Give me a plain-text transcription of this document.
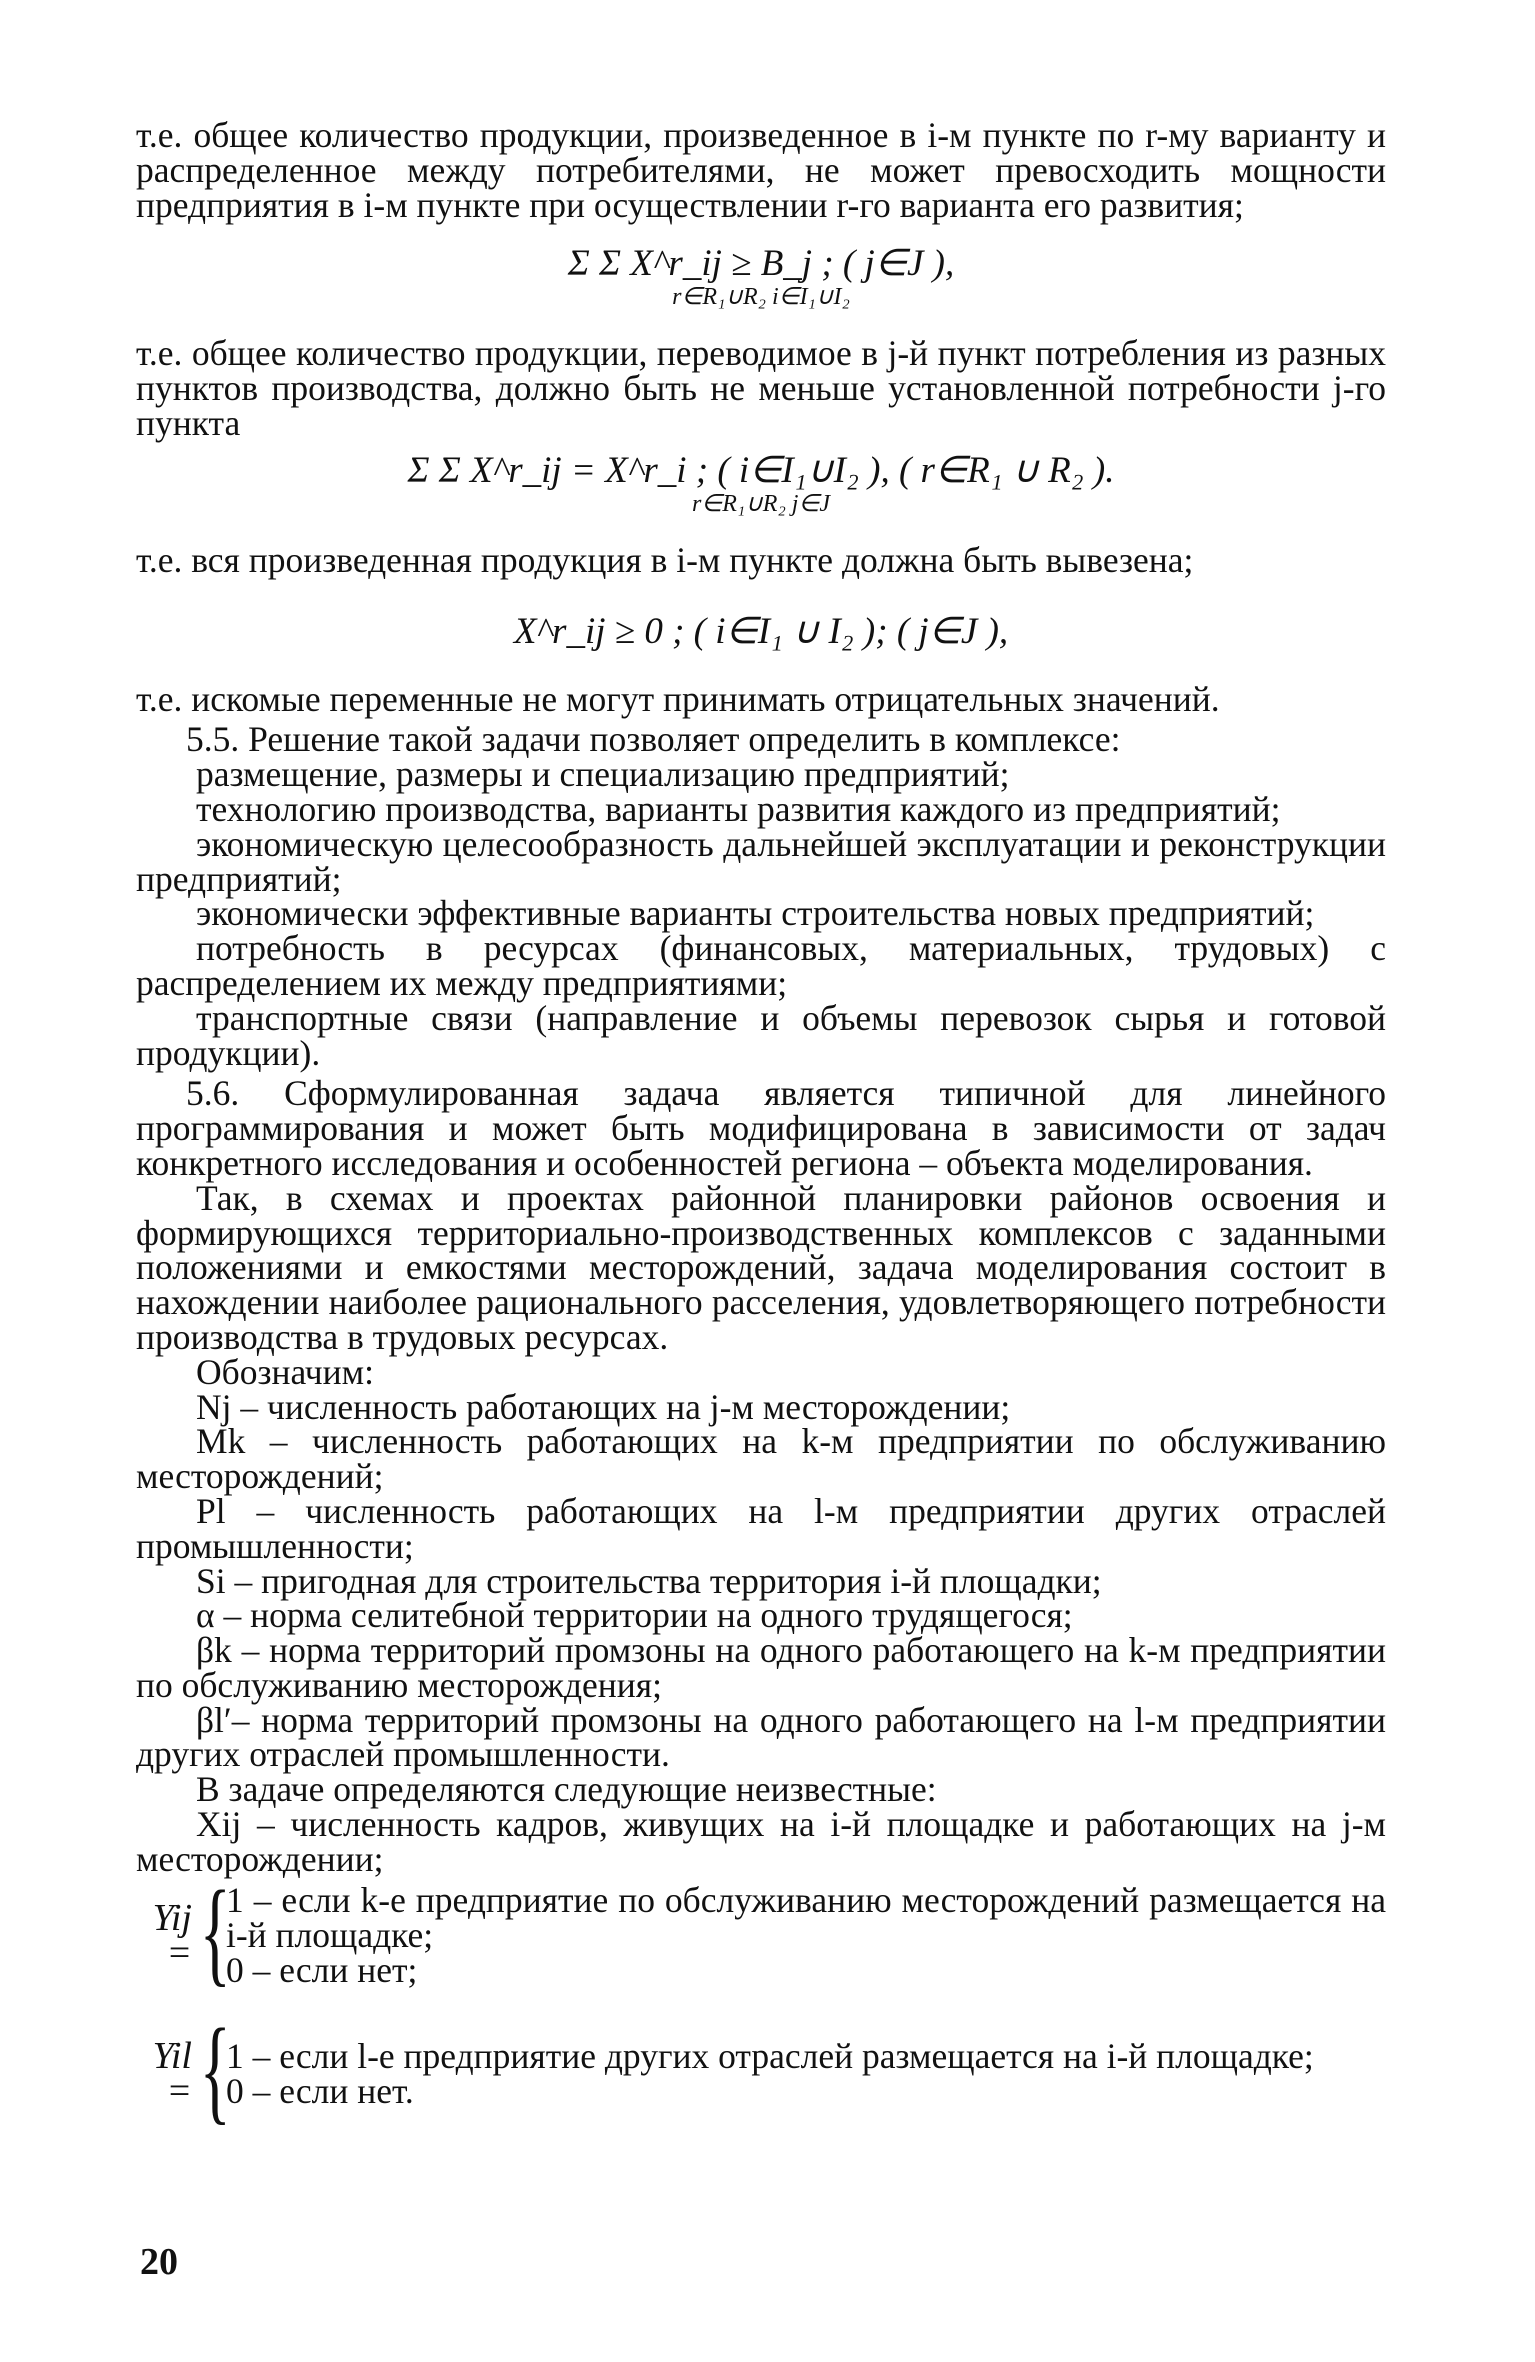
т.е. общее количество продукции, произведенное в i-м пункте по r-му варианту и распределенное между потребителями, не может превосходить мощности предприятия в i-м пункте при осуществлении r-го варианта его развития;

Σ Σ X^r_ij ≥ B_j ; ( j∈J ),
r∈R₁∪R₂ i∈I₁∪I₂

т.е. общее количество продукции, переводимое в j-й пункт потребления из разных пунктов производства, должно быть не меньше установленной потребности j-го пункта

Σ Σ X^r_ij = X^r_i ; ( i∈I₁∪I₂ ), ( r∈R₁ ∪ R₂ ).
r∈R₁∪R₂ j∈J

т.е. вся произведенная продукция в i-м пункте должна быть вывезена;

X^r_ij ≥ 0 ; ( i∈I₁ ∪ I₂ ); ( j∈J ),

т.е. искомые переменные не могут принимать отрицательных значений.

5.5. Решение такой задачи позволяет определить в комплексе:

размещение, размеры и специализацию предприятий;

технологию производства, варианты развития каждого из предприятий;

экономическую целесообразность дальнейшей эксплуатации и реконструкции предприятий;

экономически эффективные варианты строительства новых предприятий;

потребность в ресурсах (финансовых, материальных, трудовых) с распределением их между предприятиями;

транспортные связи (направление и объемы перевозок сырья и готовой продукции).

5.6. Сформулированная задача является типичной для линейного программирования и может быть модифицирована в зависимости от задач конкретного исследования и особенностей региона – объекта моделирования.

Так, в схемах и проектах районной планировки районов освоения и формирующихся территориально-производственных комплексов с заданными положениями и емкостями месторождений, задача моделирования состоит в нахождении наиболее рационального расселения, удовлетворяющего потребности производства в трудовых ресурсах.

Обозначим:

Nj – численность работающих на j-м месторождении;

Mk – численность работающих на k-м предприятии по обслуживанию месторождений;

Pl – численность работающих на l-м предприятии других отраслей промышленности;

Si – пригодная для строительства территория i-й площадки;

α – норма селитебной территории на одного трудящегося;

βk – норма территорий промзоны на одного работающего на k-м предприятии по обслуживанию месторождения;

βl′– норма территорий промзоны на одного работающего на l-м предприятии других отраслей промышленности.

В задаче определяются следующие неизвестные:

Xij – численность кадров, живущих на i-й площадке и работающих на j-м месторождении;

Yij = {
1 – если k-е предприятие по обслуживанию месторождений размещается на i-й площадке;
0 – если нет;
Yil = {
1 – если l-е предприятие других отраслей размещается на i-й площадке;
0 – если нет.
20
